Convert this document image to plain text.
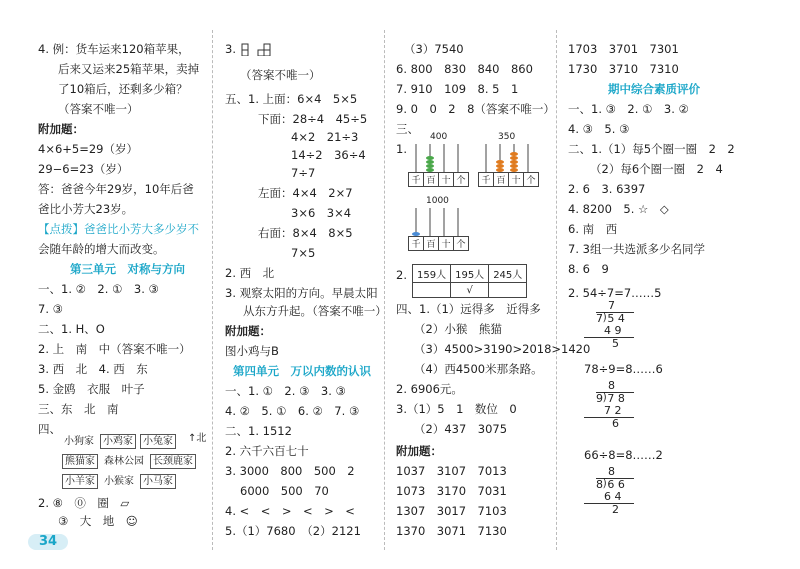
4. 例：货车运来120箱苹果，
后来又运来25箱苹果，卖掉
了10箱后，还剩多少箱？
（答案不唯一）
附加题：
4×6+5=29（岁）
29−6=23（岁）
答：爸爸今年29岁，10年后爸
爸比小芳大23岁。
【点拨】爸爸比小芳大多少岁不
会随年龄的增大而改变。
第三单元　对称与方向
一、1. ②　2. ①　3. ③
7. ③
二、1. H、O
2. 上　南　中（答案不唯一）
3. 西　北　4. 西　东
5. 金鸥　衣服　叶子
三、东　北　南
四、
小狗家 小鸡家 小兔家
熊猫家 森林公园 长颈鹿家
小羊家 小猴家 小马家
↑北
2. ⑧　⓪　圈　▱
③　大　地　☺
34
3.
（答案不唯一）
五、1. 上面：6×4　5×5
下面：28÷4　45÷5
4×2　21÷3
14÷2　36÷4
7÷7
左面：4×4　2×7
3×6　3×4
右面：8×4　8×5
7×5
2. 西　北
3. 观察太阳的方向。早晨太阳
从东方升起。（答案不唯一）
附加题：
图小鸡与B
第四单元　万以内数的认识
一、1. ①　2. ③　3. ③
4. ②　5. ①　6. ②　7. ③
二、1. 1512
2. 六千六百七十
3. 3000　800　500　2
6000　500　70
4. <　<　>　<　>　<
5.（1）7680　（2）2121
（3）7540
6. 800　830　840　860
7. 910　109　8. 5　1
9. 0　0　2　8（答案不唯一）
三、
1.
400
千 百 十 个
350
千 百 十 个
1000
千 百 十 个
2. 159人	195人	245人
	√	
四、1.（1）远得多　近得多
（2）小猴　熊猫
（3）4500>3190>2018>1420
（4）西4500米那条路。
2. 6906元。
3.（1）5　1　数位　0
（2）437　3075
附加题：
1037　3107　7013
1073　3170　7031
1307　3017　7103
1370　3071　7130
1703　3701　7301
1730　3710　7310
期中综合素质评价
一、1. ③　2. ①　3. ②
4. ③　5. ③
二、1.（1）每5个圈一圈　2　2
（2）每6个圈一圈　2　4
2. 6　3. 6397
4. 8200　5. ☆　◇
6. 南　西
7. 3组一共选派多少名同学
8. 6　9
2. 54÷7=7……5
7
7⟌5 4
4 9
5
78÷9=8……6
8
9⟌7 8
7 2
6
66÷8=8……2
8
8⟌6 6
6 4
2
